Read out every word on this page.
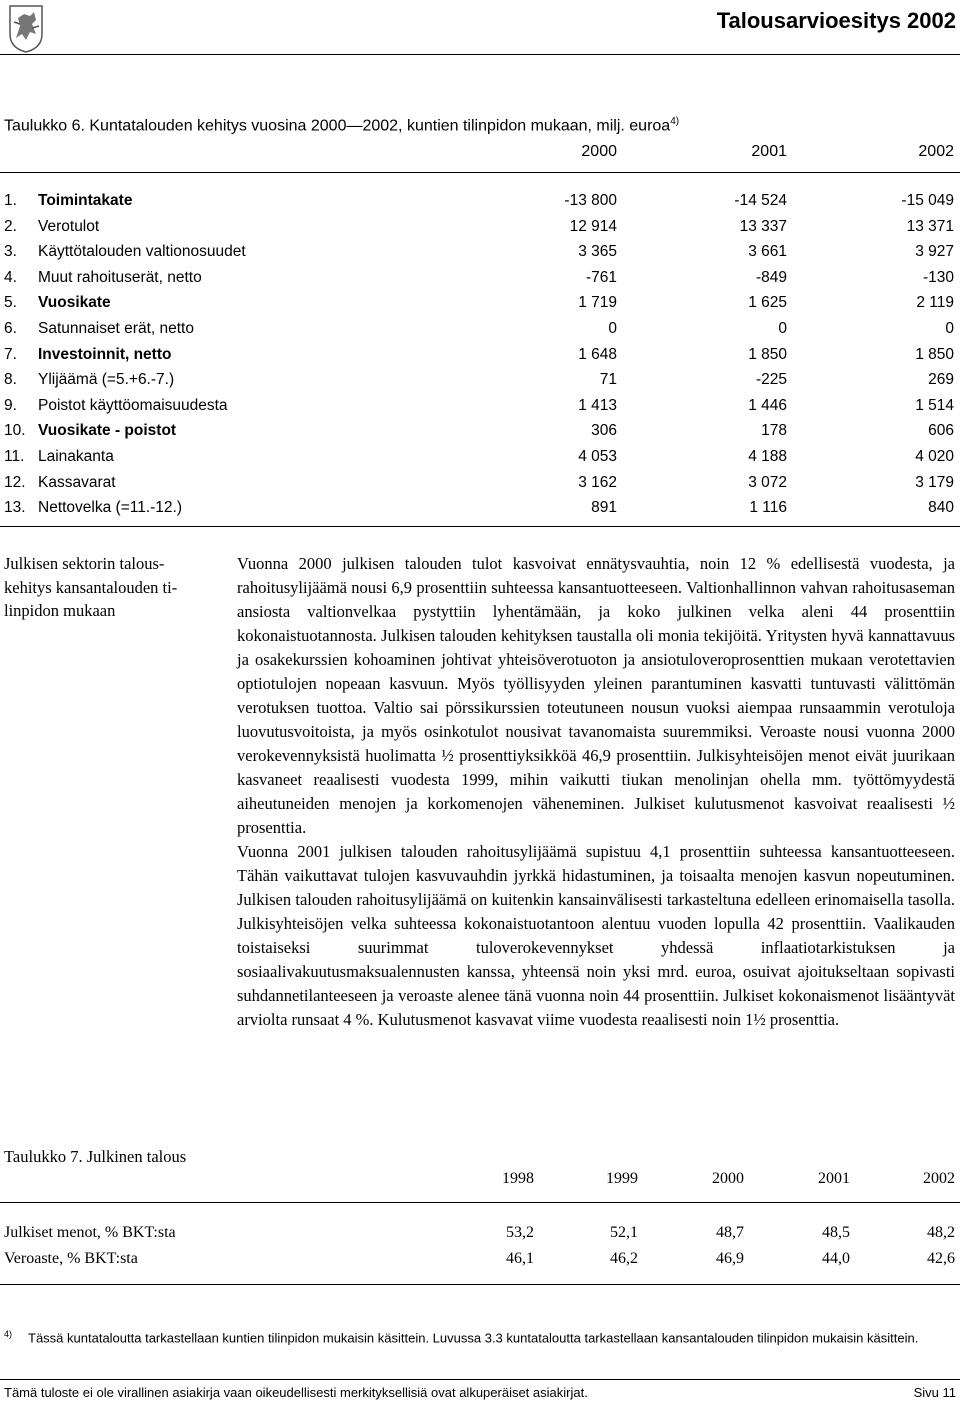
Talousarvioesitys 2002
Taulukko 6. Kuntatalouden kehitys vuosina 2000—2002, kuntien tilinpidon mukaan, milj. euroa$^{4)}$
2000	2001	2002
1. Toimintakate	-13 800	-14 524	-15 049
2. Verotulot	12 914	13 337	13 371
3. Käyttötalouden valtionosuudet	3 365	3 661	3 927
4. Muut rahoituserät, netto	-761	-849	-130
5. Vuosikate	1 719	1 625	2 119
6. Satunnaiset erät, netto	0	0	0
7. Investoinnit, netto	1 648	1 850	1 850
8. Ylijäämä (=5.+6.-7.)	71	-225	269
9. Poistot käyttöomaisuudesta	1 413	1 446	1 514
10. Vuosikate - poistot	306	178	606
11. Lainakanta	4 053	4 188	4 020
12. Kassavarat	3 162	3 072	3 179
13. Nettovelka (=11.-12.)	891	1 116	840
Julkisen sektorin talous-
kehitys kansantalouden ti-
linpidon mukaan

Vuonna 2000 julkisen talouden tulot kasvoivat ennätysvauhtia, noin 12 % edellisestä vuodesta, ja rahoitusylijäämä nousi 6,9 prosenttiin suhteessa kansantuotteeseen. Valtionhallinnon vahvan rahoitusaseman ansiosta valtionvelkaa pystyttiin lyhentämään, ja koko julkinen velka aleni 44 prosenttiin kokonaistuotannosta. Julkisen talouden kehityksen taustalla oli monia tekijöitä. Yritysten hyvä kannattavuus ja osakekurssien kohoaminen johtivat yhteisöverotuoton ja ansiotuloveroprosenttien mukaan verotettavien optiotulojen nopeaan kasvuun. Myös työllisyyden yleinen parantuminen kasvatti tuntuvasti välittömän verotuksen tuottoa. Valtio sai pörssikurssien toteutuneen nousun vuoksi aiempaa runsaammin verotuloja luovutusvoitoista, ja myös osinkotulot nousivat tavanomaista suuremmiksi. Veroaste nousi vuonna 2000 verokevennyksistä huolimatta ½ prosenttiyksikköä 46,9 prosenttiin. Julkisyhteisöjen menot eivät juurikaan kasvaneet reaalisesti vuodesta 1999, mihin vaikutti tiukan menolinjan ohella mm. työttömyydestä aiheutuneiden menojen ja korkomenojen väheneminen. Julkiset kulutusmenot kasvoivat reaalisesti ½ prosenttia.

Vuonna 2001 julkisen talouden rahoitusylijäämä supistuu 4,1 prosenttiin suhteessa kansantuotteeseen. Tähän vaikuttavat tulojen kasvuvauhdin jyrkkä hidastuminen, ja toisaalta menojen kasvun nopeutuminen. Julkisen talouden rahoitusylijäämä on kuitenkin kansainvälisesti tarkasteltuna edelleen erinomaisella tasolla. Julkisyhteisöjen velka suhteessa kokonaistuotantoon alentuu vuoden lopulla 42 prosenttiin. Vaalikauden toistaiseksi suurimmat tuloverokevennykset yhdessä inflaatiotarkistuksen ja sosiaalivakuutusmaksualennusten kanssa, yhteensä noin yksi mrd. euroa, osuivat ajoitukseltaan sopivasti suhdannetilanteeseen ja veroaste alenee tänä vuonna noin 44 prosenttiin. Julkiset kokonaismenot lisääntyvät arviolta runsaat 4 %. Kulutusmenot kasvavat viime vuodesta reaalisesti noin 1½ prosenttia.

Taulukko 7. Julkinen talous
1998	1999	2000	2001	2002
Julkiset menot, % BKT:sta	53,2	52,1	48,7	48,5	48,2
Veroaste, % BKT:sta	46,1	46,2	46,9	44,0	42,6
$^{4)}$ Tässä kuntataloutta tarkastellaan kuntien tilinpidon mukaisin käsittein. Luvussa 3.3 kuntataloutta tarkastellaan kansantalouden tilinpidon mukaisin käsittein.
Tämä tuloste ei ole virallinen asiakirja vaan oikeudellisesti merkityksellisiä ovat alkuperäiset asiakirjat.	Sivu 11
